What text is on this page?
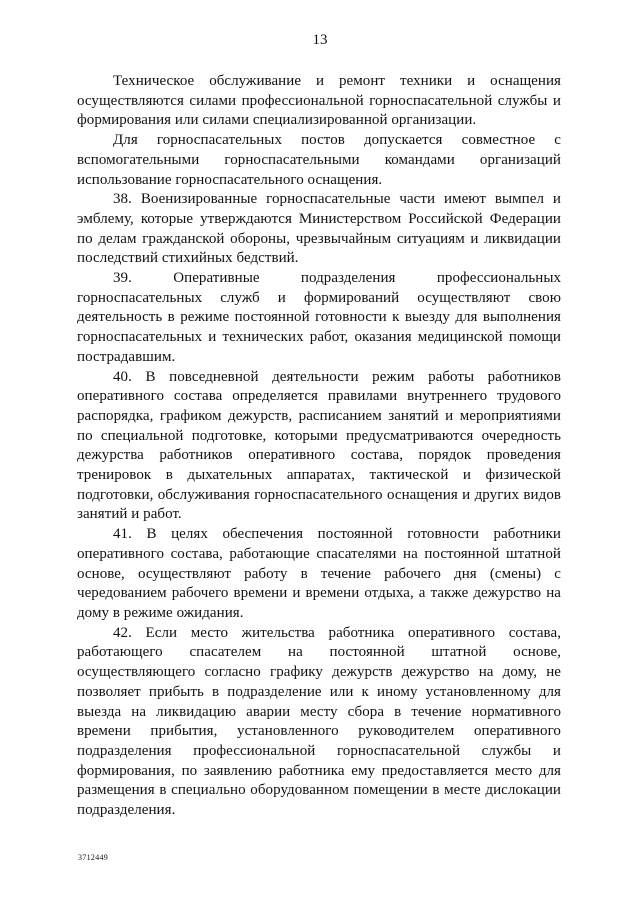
13

Техническое обслуживание и ремонт техники и оснащения осуществляются силами профессиональной горноспасательной службы и формирования или силами специализированной организации.

Для горноспасательных постов допускается совместное с вспомогательными горноспасательными командами организаций использование горноспасательного оснащения.

38. Военизированные горноспасательные части имеют вымпел и эмблему, которые утверждаются Министерством Российской Федерации по делам гражданской обороны, чрезвычайным ситуациям и ликвидации последствий стихийных бедствий.

39. Оперативные подразделения профессиональных горноспасательных служб и формирований осуществляют свою деятельность в режиме постоянной готовности к выезду для выполнения горноспасательных и технических работ, оказания медицинской помощи пострадавшим.

40. В повседневной деятельности режим работы работников оперативного состава определяется правилами внутреннего трудового распорядка, графиком дежурств, расписанием занятий и мероприятиями по специальной подготовке, которыми предусматриваются очередность дежурства работников оперативного состава, порядок проведения тренировок в дыхательных аппаратах, тактической и физической подготовки, обслуживания горноспасательного оснащения и других видов занятий и работ.

41. В целях обеспечения постоянной готовности работники оперативного состава, работающие спасателями на постоянной штатной основе, осуществляют работу в течение рабочего дня (смены) с чередованием рабочего времени и времени отдыха, а также дежурство на дому в режиме ожидания.

42. Если место жительства работника оперативного состава, работающего спасателем на постоянной штатной основе, осуществляющего согласно графику дежурств дежурство на дому, не позволяет прибыть в подразделение или к иному установленному для выезда на ликвидацию аварии месту сбора в течение нормативного времени прибытия, установленного руководителем оперативного подразделения профессиональной горноспасательной службы и формирования, по заявлению работника ему предоставляется место для размещения в специально оборудованном помещении в месте дислокации подразделения.

3712449
